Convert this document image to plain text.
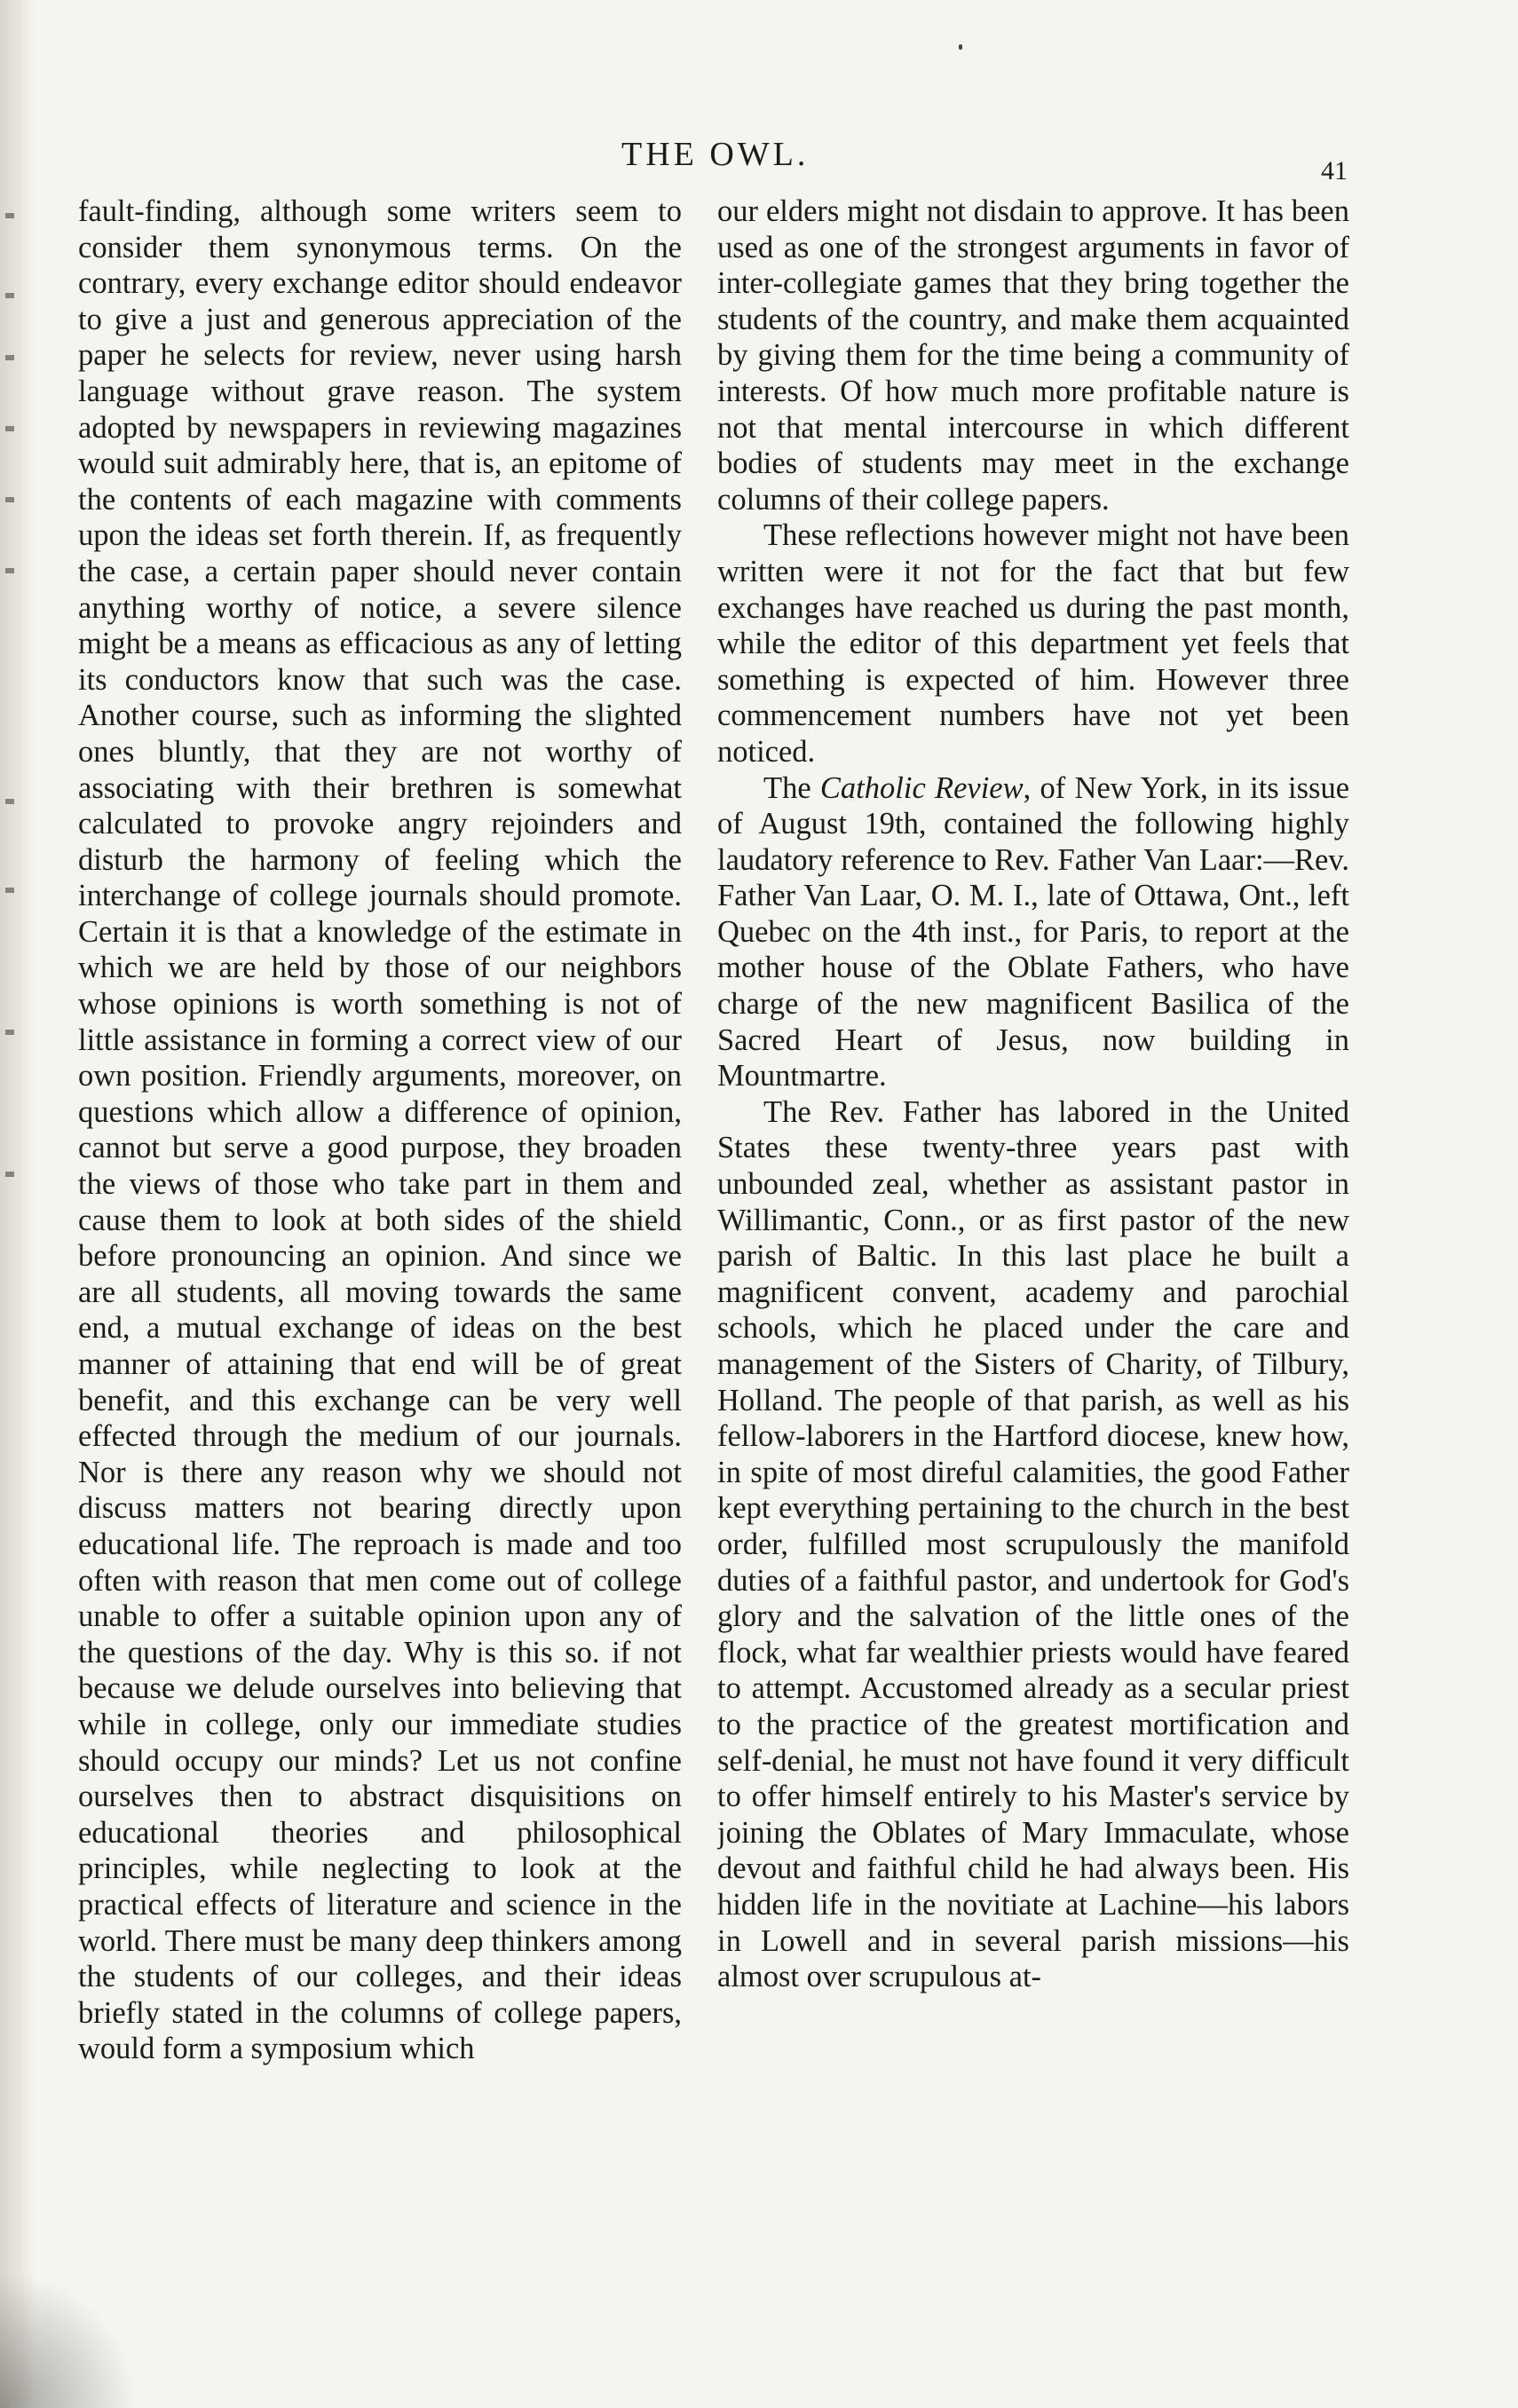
THE OWL.	41

fault-finding, although some writers seem to consider them synonymous terms. On the contrary, every exchange editor should endeavor to give a just and generous appreciation of the paper he selects for review, never using harsh language without grave reason. The system adopted by newspapers in reviewing magazines would suit admirably here, that is, an epitome of the contents of each magazine with comments upon the ideas set forth therein. If, as frequently the case, a certain paper should never contain anything worthy of notice, a severe silence might be a means as efficacious as any of letting its conductors know that such was the case. Another course, such as informing the slighted ones bluntly, that they are not worthy of associating with their brethren is somewhat calculated to provoke angry rejoinders and disturb the harmony of feeling which the interchange of college journals should promote. Certain it is that a knowledge of the estimate in which we are held by those of our neighbors whose opinions is worth something is not of little assistance in forming a correct view of our own position. Friendly arguments, moreover, on questions which allow a difference of opinion, cannot but serve a good purpose, they broaden the views of those who take part in them and cause them to look at both sides of the shield before pronouncing an opinion. And since we are all students, all moving towards the same end, a mutual exchange of ideas on the best manner of attaining that end will be of great benefit, and this exchange can be very well effected through the medium of our journals. Nor is there any reason why we should not discuss matters not bearing directly upon educational life. The reproach is made and too often with reason that men come out of college unable to offer a suitable opinion upon any of the questions of the day. Why is this so. if not because we delude ourselves into believing that while in college, only our immediate studies should occupy our minds? Let us not confine ourselves then to abstract disquisitions on educational theories and philosophical principles, while neglecting to look at the practical effects of literature and science in the world. There must be many deep thinkers among the students of our colleges, and their ideas briefly stated in the columns of college papers, would form a symposium which

our elders might not disdain to approve. It has been used as one of the strongest arguments in favor of inter-collegiate games that they bring together the students of the country, and make them acquainted by giving them for the time being a community of interests. Of how much more profitable nature is not that mental intercourse in which different bodies of students may meet in the exchange columns of their college papers.

These reflections however might not have been written were it not for the fact that but few exchanges have reached us during the past month, while the editor of this department yet feels that something is expected of him. However three commencement numbers have not yet been noticed.

The Catholic Review, of New York, in its issue of August 19th, contained the following highly laudatory reference to Rev. Father Van Laar:—Rev. Father Van Laar, O. M. I., late of Ottawa, Ont., left Quebec on the 4th inst., for Paris, to report at the mother house of the Oblate Fathers, who have charge of the new magnificent Basilica of the Sacred Heart of Jesus, now building in Mountmartre.

The Rev. Father has labored in the United States these twenty-three years past with unbounded zeal, whether as assistant pastor in Willimantic, Conn., or as first pastor of the new parish of Baltic. In this last place he built a magnificent convent, academy and parochial schools, which he placed under the care and management of the Sisters of Charity, of Tilbury, Holland. The people of that parish, as well as his fellow-laborers in the Hartford diocese, knew how, in spite of most direful calamities, the good Father kept everything pertaining to the church in the best order, fulfilled most scrupulously the manifold duties of a faithful pastor, and undertook for God's glory and the salvation of the little ones of the flock, what far wealthier priests would have feared to attempt. Accustomed already as a secular priest to the practice of the greatest mortification and self-denial, he must not have found it very difficult to offer himself entirely to his Master's service by joining the Oblates of Mary Immaculate, whose devout and faithful child he had always been. His hidden life in the novitiate at Lachine—his labors in Lowell and in several parish missions—his almost over scrupulous at-
